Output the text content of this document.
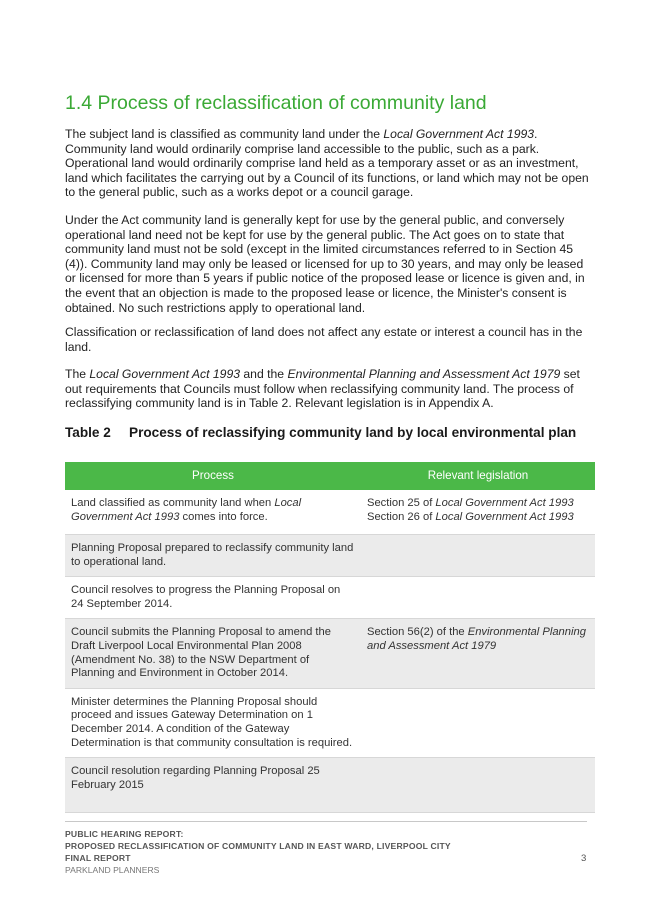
1.4 Process of reclassification of community land

The subject land is classified as community land under the Local Government Act 1993. Community land would ordinarily comprise land accessible to the public, such as a park. Operational land would ordinarily comprise land held as a temporary asset or as an investment, land which facilitates the carrying out by a Council of its functions, or land which may not be open to the general public, such as a works depot or a council garage.

Under the Act community land is generally kept for use by the general public, and conversely operational land need not be kept for use by the general public. The Act goes on to state that community land must not be sold (except in the limited circumstances referred to in Section 45 (4)). Community land may only be leased or licensed for up to 30 years, and may only be leased or licensed for more than 5 years if public notice of the proposed lease or licence is given and, in the event that an objection is made to the proposed lease or licence, the Minister's consent is obtained. No such restrictions apply to operational land.

Classification or reclassification of land does not affect any estate or interest a council has in the land.

The Local Government Act 1993 and the Environmental Planning and Assessment Act 1979 set out requirements that Councils must follow when reclassifying community land. The process of reclassifying community land is in Table 2. Relevant legislation is in Appendix A.

Table 2 Process of reclassifying community land by local environmental plan

Process	Relevant legislation
Land classified as community land when Local Government Act 1993 comes into force.	Section 25 of Local Government Act 1993
Section 26 of Local Government Act 1993

Planning Proposal prepared to reclassify community land to operational land.	
Council resolves to progress the Planning Proposal on 24 September 2014.	
Council submits the Planning Proposal to amend the Draft Liverpool Local Environmental Plan 2008 (Amendment No. 38) to the NSW Department of Planning and Environment in October 2014.	Section 56(2) of the Environmental Planning and Assessment Act 1979
Minister determines the Planning Proposal should proceed and issues Gateway Determination on 1 December 2014. A condition of the Gateway Determination is that community consultation is required.	
Council resolution regarding Planning Proposal 25 February 2015	
PUBLIC HEARING REPORT:
PROPOSED RECLASSIFICATION OF COMMUNITY LAND IN EAST WARD, LIVERPOOL CITY
FINAL REPORT
PARKLAND PLANNERS
3
